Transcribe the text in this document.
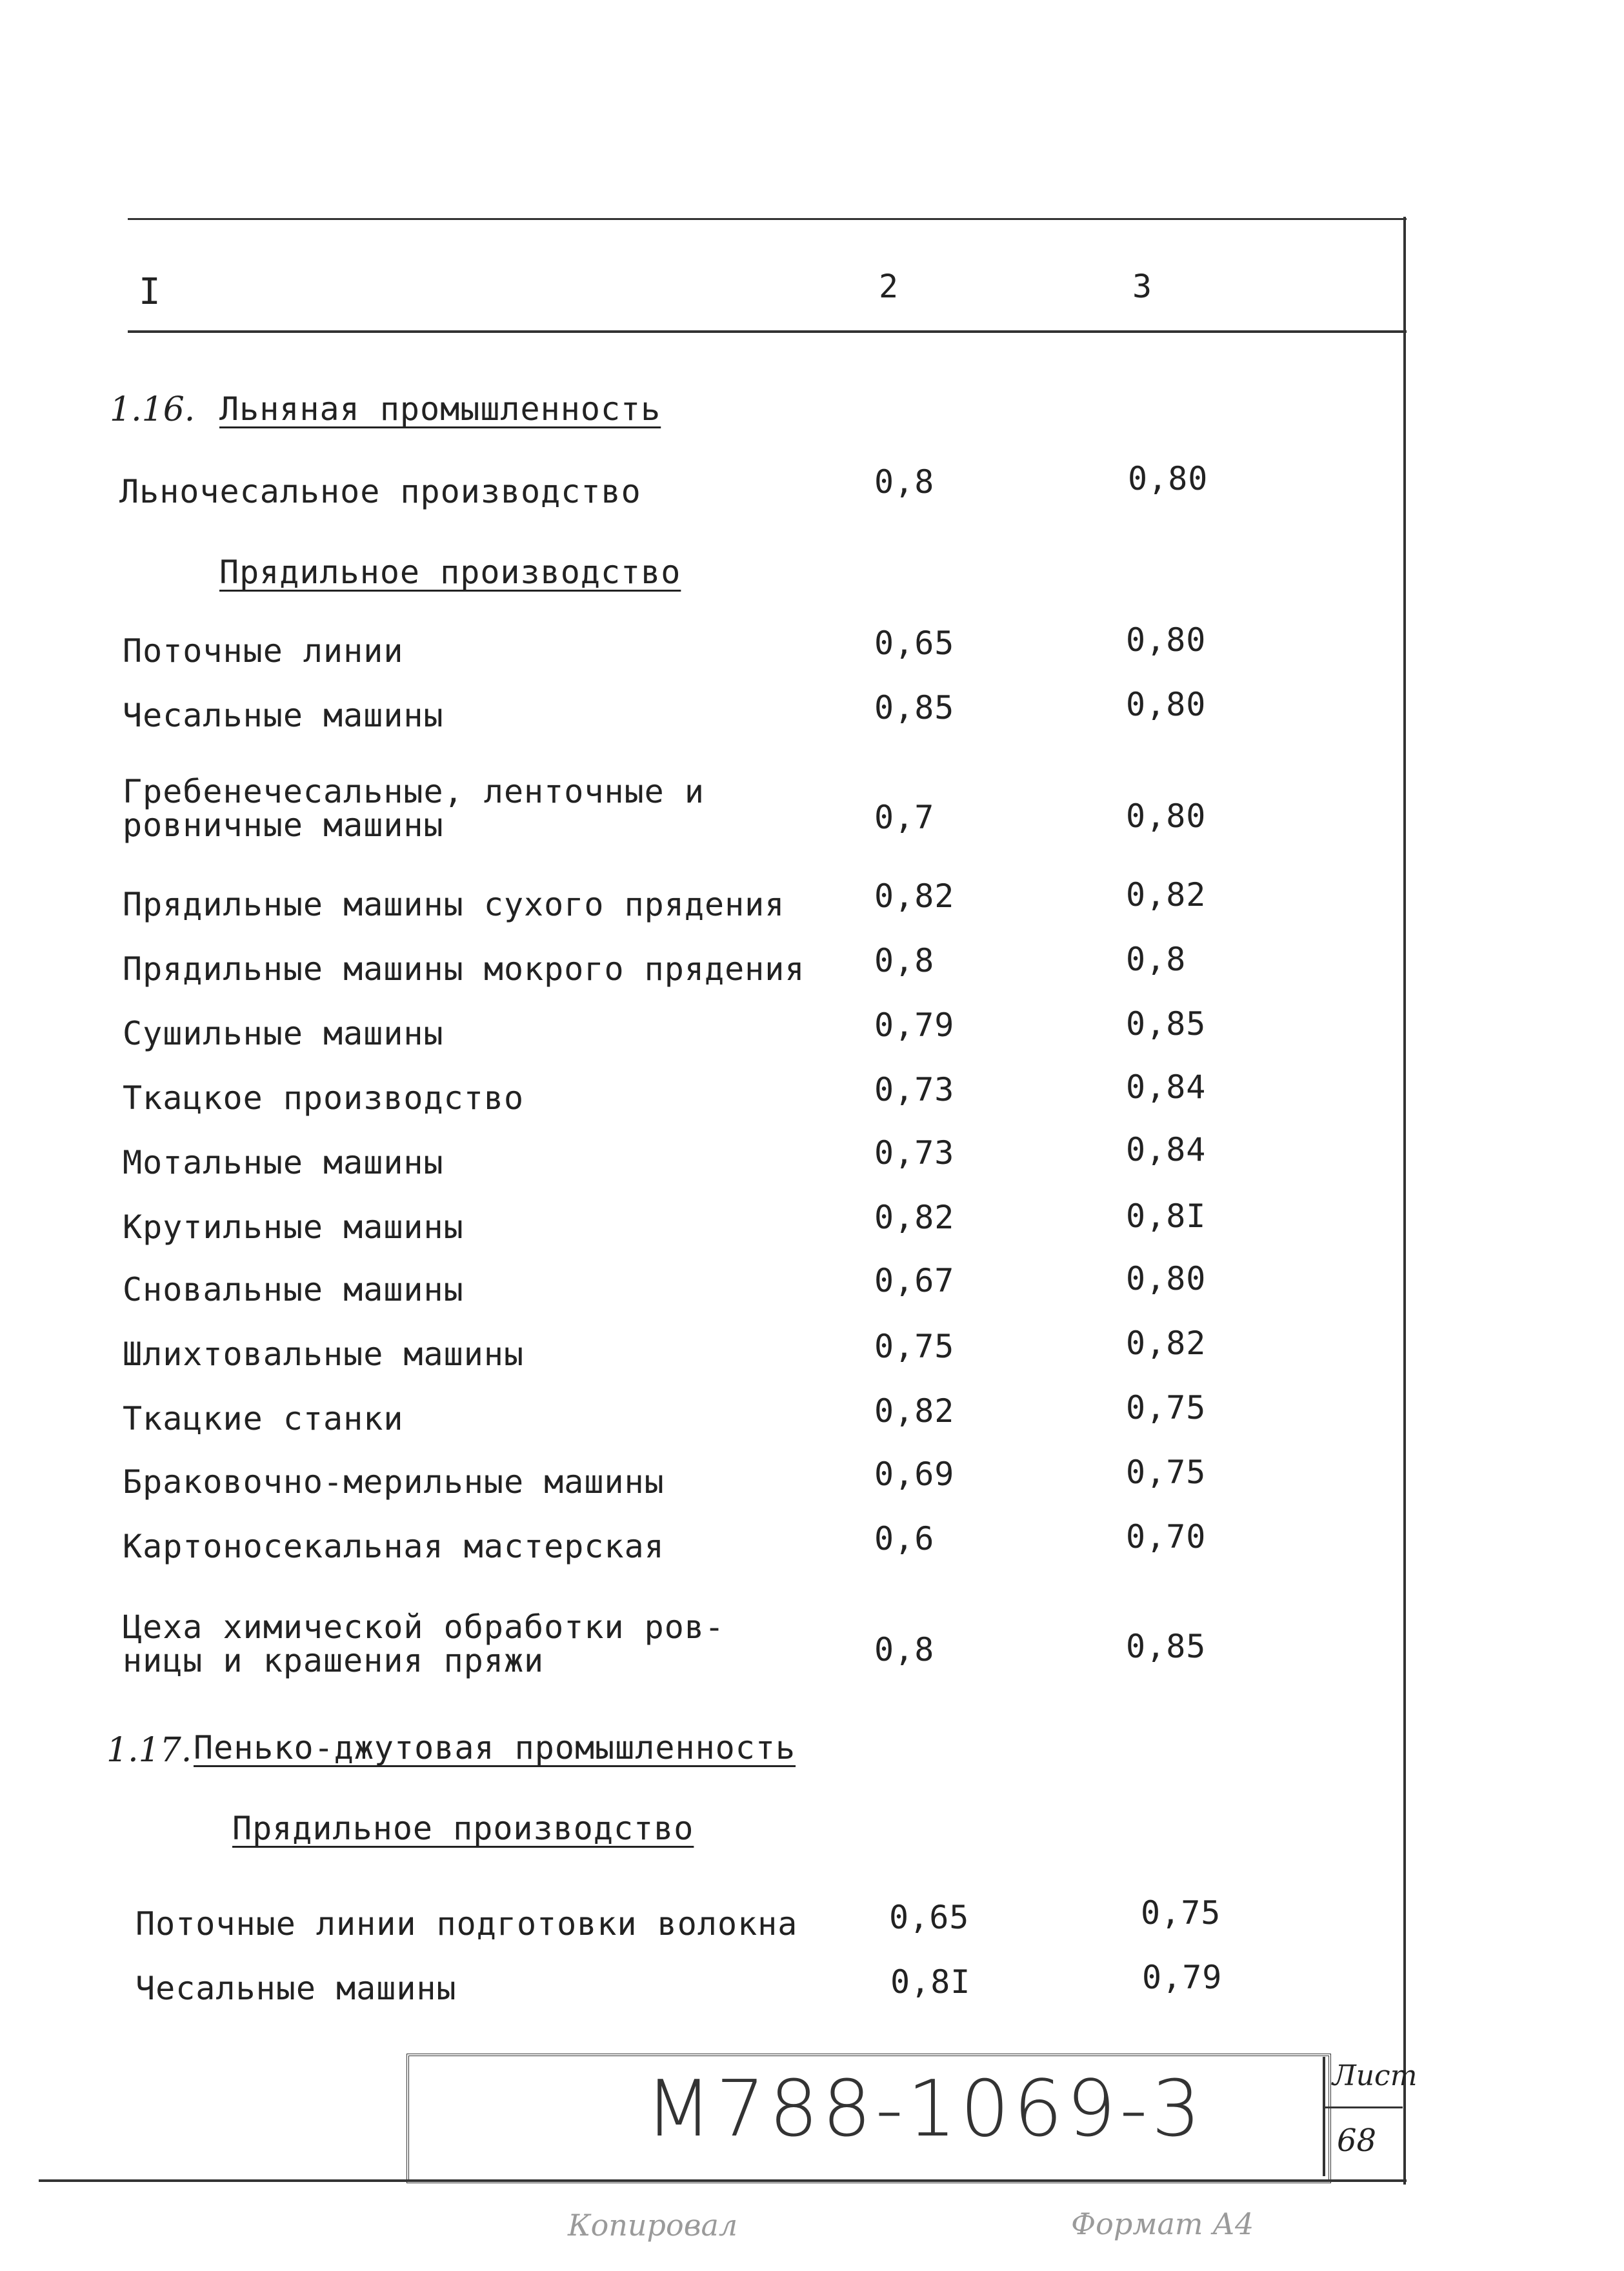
I	2	3
1.16. Льняная промышленность
Льночесальное производство	0,8	0,80
Прядильное производство
Поточные линии	0,65	0,80
Чесальные машины	0,85	0,80
Гребенечесальные, ленточные и
ровничные машины	0,7	0,80
Прядильные машины сухого прядения	0,82	0,82
Прядильные машины мокрого прядения 0,8	0,8
Сушильные машины	0,79	0,85
Ткацкое производство	0,73	0,84
Мотальные машины	0,73	0,84
Крутильные машины	0,82	0,8I
Сновальные машины	0,67	0,80
Шлихтовальные машины	0,75	0,82
Ткацкие станки	0,82	0,75
Браковочно-мерильные машины	0,69	0,75
Картоносекальная мастерская	0,6	0,70
Цеха химической обработки ров-
ницы и крашения пряжи	0,8	0,85
1.17. Пенько-джутовая промышленность
Прядильное производство
Поточные линии подготовки волокна	0,65	0,75
Чесальные машины	0,8I	0,79
М788-1069-3	Лист
68
Копировал	Формат А4
